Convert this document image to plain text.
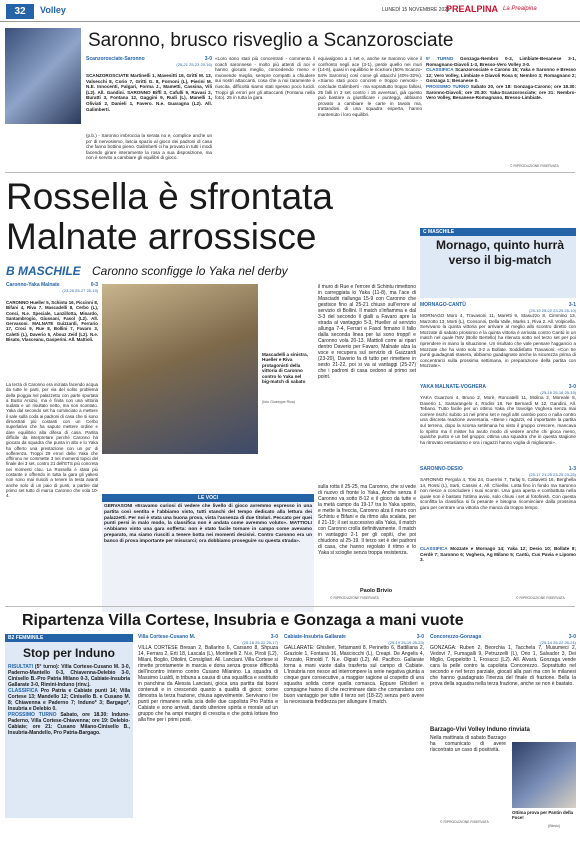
32	Volley	LUNEDÌ 15 NOVEMBRE 2021
PREALPINA La Prealpina
Saronno, brusco risveglio a Scanzorosciate
Scanzorosciate-Saronno	3-0
(25-21 25-23 25-16)
SCANZOROSCIATE Martinelli 1, Mavesitti 16, Gritti M. 13, Valsecchi 8, Corio 7, Gritti G. 8, Fornoni (L), Pierini M. N.E. Innocenti, Falgari, Forma J., Mametti, Cassina, Vili (L2). All. Gandini. SARONNO Biffi 3, Cafulli 9, Ravasi 2, Buratti 3, Fontana 12, Gaggini 9, Rudi (L), Manelli 1, Oliviati 2, Danieli 1, Favero. N.e. Guaragna (L2). All. Galimberti.
(p.b.) - Saronno imbroccia la serata no e, complice anche un po' di nervosismo, lascia spazio al gioco dei padroni di casa che fanno bottino pieno. Galimberti ci ha provato in tutti i modi facendo girare interamente la rosa a sua disposizione, ma non è servito a cambiare gli equilibri di gioco.
«Loro sono stati più concentrati - commenta il coach saronnese - molto più attenti di noi e hanno giocato meglio, concedendo meno e muovendo meglio, sempre compatti a chiudere sui nostri attaccanti, cosa che a noi raramente è riuscita, difficoltà siamo stati spesso poco lucidi. Troppi gli errori per gli attaccanti (Fontana nella foto). 25 in tutta la gara
equivalgono a 1 set e, anche se Saronno vince il confronto negli ace (3-1), perde quello nei muri (14-6), quasi in equilibrio le ricezioni (50% Scanzo-54% Saronno) così come gli attacchi (40%-32%). «Siamo stati poco concreti e troppo nervosi» - conclude Galimberti - ma soprattutto troppo fallosi, 25 falli in 3 set contro i 15 avversari, già questo può bastare a giustificare i punteggi, abbiamo provato a cambiare le carte in tavola ma, trattandosi di una squadra esperta, hanno mantenuto i loro equilibri.
5° TURNO Gonzaga-Nembro 0-3, Limbiate-Besanese 3-1, Romagnano-Diavoli 1-3, Bresso-Vero Volley 3-0.
CLASSIFICA Scanzorosciate e Carono 15; Yaka e Saronno e Bresso 12; Vero Volley, Limbiate e Diavoli Rosa 6; Nembro 3; Romagnano 2; Gonzaga 1; Besanese 0.
PROSSIMO TURNO Sabato 20, ore 18: Gonzaga-Carono; ore 18.30: Saronno-Diavoli; ore 20.30: Yaka-Scanzorosciate; ore 21: Nembro-Vero Volley, Besanese-Romagnano, Bresso-Limbiate.
© RIPRODUZIONE RISERVATA
Rossella è sfrontata
Malnate arrossisce
B MASCHILE Caronno sconfigge lo Yaka nel derby
Caronno-Yaka Malnate	0-3
(23-25 25-27 25-19)
CARONNO Hueller 5, Schintu 16, Piccinni 8, Bifani 4, Riva 7, Mascadelli 8, Cerbo (L), Conci, N.e. Speciale, Lanzillotta, Minardo, Santambrogio, Giussani, Fasol (L2). All. Gervasoni. MALNATE Guizzardi, Ferrario 17, Croci 9, Rue 8, Bollini 7, Favaro 3, Caletti (L), Daverio 5, Abouz Zeid (L2). N.e. Bisato, Vlasceanu, Gasperini. All. Mattioli.
La terza di Caronno era iniziata facendo acqua da tutte le parti, per via del solito problema della pioggia nel palazzetto con parte sportata a Busto Arsizio, ma è finita con una vittoria sudata e un risultato netto, ma non scontato. Yaka dal secondo set ha cominciato a mettere il sale sulla coda ai padroni di casa che si sono dimostrati più costanti con un Cerbo superlativo che ha saputo mettere ordine e dare equilibrio alla difesa di casa. Partita difficile da interpretare perché Caronno ha giocato da squadra che punta in alto e lo Yaka ha offerto una prestazione con un po' di sofferenza. Troppi 29 errori delle Yaka che offrirono ne commette 3 nei momenti topici del finale dei 3 set, contro 21 dell'ETS più concreta nei momenti clou. La Rossella è stata più costante e offrendo in tutta la gara gli yakesi non sono mai riusciti a tenere la testa avanti anche solo di un paio di punti, a partire dal primo set tutto di marca Caronno che vola 10-4.
Mascadelli a sinistra, Hueller e Riva protagonisti della vittoria di Caronno contro lo Yaka nel big-match di sabato
(foto Giuseppe Riva)
il muro di Rue e l'errore di Schintu rimettono in carreggiata lo Yaka (11-8), ma l'ace di Masciadri riallunga 15-9 con Caronno che gestisce fino al 25-21 chiuso sull'errore al servizio di Bollini. Il match s'infiamma e dal 3-3 del secondo il gialli a Favaro apre la strada al vantaggio 5-3, Hueller al servizio allunga 7-4, Ferrari e Fasol firmano il fallo dalla seconda linea per lui sono troppi! e Caronno vola 20-13. Mattioli corre ai ripari dentro Daverio per Favaro, Malnate alza la voce e recupera sul servizio di Guizzardi (23-20), Daverio fa di tutto per rimettere in sesto 21-22, poi si va ai vantaggi (25-27) che i padroni di casa cedono al primo set point.
sulla rotta il 25-25, ma Caronno, che si vede di nuovo di fronte lo Yaka, Anche senza il Caronno va sotto 8-12 e il gioco da tutte e la metà campo da 19-17 tra lo Yaka spinto, e mette la freccia, Caronno alza il muro con Schintu e Bifani e da ritmo alla scalata, per il 21-19; il set successivo alla Yaka, il match con Caronno crolla definitivamente. Il match in vantaggio 2-1 per gli ospiti, che poi chiudono al 25-19. Il terzo set è dei padroni di casa, che hanno regolato il ritmo e lo Yaka si scioglie senza troppa resistenza.
Paolo Brivio
© RIPRODUZIONE RISERVATA
LE VOCI
GERVASONI «Eravamo curiosi di vedere che livello di gioco avremmo espresso in una partita così sentita e l'abbiamo visto, tutti stanchi del tempo dedicato alla lettura dei palazzetti. Per noi è stata una buona prova, vista l'assenza di due titolari. Peccato per quei punti persi in malo modo, la classifica non è andata come avremmo voluto». MATTIOLI «Abbiamo vinto una gara sofferta: non è stato facile tornare in campo come avevamo preparato, ma siamo riusciti a tenere botta nei momenti decisivi. Contro Caronno era un banco di prova importante per misurarci; ora dobbiamo proseguire su questa strada».
C MASCHILE
Mornago, quinto hurrà verso il big-match
MORNAGO-CANTÙ	3-1
(25-19 25-22 23-25 25-10)
MORNAGO Moro 4, Travasoni 11, Maretti 9, Stasuzzo 8, Cimmino 13, Marzotto 13, Morti (L), Consonni, Della Valle, Marks 1, Riva 2. All. Volpicella. Servivano la quinta vittoria per arrivare al meglio allo scontro diretto con Mozzate di sabato prossimo e la quinta vittoria è arrivata contro Cantù in un match nel quale l'MV (Bollo Bertello) ha ritenuto sotto nel terzo set per poi riprendere in mano la situazione. Un risultato che vale pensare l'aggancio a Mozzate che ha vinto solo 3-2 a Bollate. Soddisfatto Travasoni: «Con tre punti guadagnati stasera, abbiamo guadagnato anche la sicurezza prima di concentrarci sulla prossima settimana, in preparazione della partita con Mozzate».
YAKA MALNATE-VOGHERA	3-0
(25-16 25-18 25-15)
YAKA Guarzoni 4, Bruno 2, Morè, Roncatelli 11, Molina 2, Moreale 8, Daverio 1, Santarangelo 4, Rodini 18. Ne Bernardi M 12, Gandini. All. Tebano. Tutto facile per un ottimo Yaka che travolge Voghera senza mai correre rischi: subito 14 nel primo set e negli altri cambio poco o nulla contro una discreta reazione avversaria. «Bene i ragazzi, ed importante la partita sul terreno, dopo la scorsa settimana ho visto il gruppo crescere, mancava lo spirito ma il mister ha avuto modo di vedere anche chi gioca meno, qualche punto e un bel gruppo: ottima una squadra che in questa stagione ha ritrovato entusiasmo e ora i ragazzi hanno voglia di migliorarsi».
SARONNO-DESIO	1-3
(25-17 21-25 23-25 23-25)
SARONNO Pergola 4, Tosi 24, Guerrini 7, Tarlaj 5, Caltavetti 16, Berghella 14, Rossi (L), Sarti, Cassini 4. All. Chiellini. Lotta fino in fondo ma Saronno non riesce a concludere i suoi scontri. Una gara aperta e combattuta nella quale non è bastato l'ottimo avvio, solo chiusi i set al fotofinish. Con questa sconfitta la classifica si fa pesante e bisogna ricominciare dalla prossima gara per centrare una vittoria che manca da troppo tempo.
CLASSIFICA Mozzate e Mornago 14; Yaka 12; Desio 10; Bollate 8; Cerdè 7; Saronno 6; Voghera, Ag Milano 5; Cantù, Cus Pavia e Lipomo 3.
© RIPRODUZIONE RISERVATA
Ripartenza Villa Cortese, Insubria e Gonzaga a mani vuote
B2 FEMMINILE
Stop per Induno
RISULTATI (5° turno): Villa Cortese-Cusano M. 3-0, Paderno-Mantello 0-3, Chiavenna-Delebio 3-0, Cinisello B.-Pro Patria Milano 0-3, Cabiate-Insubria Gallarate 3-0, Rimini-Induno (rinv.).
CLASSIFICA Pro Patria e Cabiate punti 14; Villa Cortese 13; Mandello 12; Cinisello B. e Cusano M. 8; Chiavenna e Paderno 7; Induno* 3; Bargago*, Insubria e Delebio 0.
PROSSIMO TURNO Sabato, ore 18.30: Induno-Paderno, Villa Cortese-Chiavenna; ore 19: Delebio-Cabiate; ore 21: Cusano Milano-Cinisello B., Insubria-Mandello, Pro Patria-Bargago.
Villa Cortese-Cusano M.	3-0
(25-18 25-22 25-17)
VILLA CORTESE Bresan 2, Ballarino 6, Carsano 8, Shpuza 14, Ferrara 2, Erti 18, Lascala (L), Montinelli 2. N.e. Piroli (L2), Milani, Boglio, Ottolini, Consigliari. All. Lanciani. Villa Cortese si rimette prontamente in marcia e dona senza grosse difficoltà dell'incontro interno contro Cusano Milanino. La squadra di Massimo Lualdi, in tribuna a causa di una squalifica e sostituito in panchina da Alessia Lanciani, gioca una partita dai buoni contenuti e in crescendo quanto a qualità di gioco; come dimostra la terza frazione, chiusa agevolmente. Servivano i tre punti per rimanere nella scia delle due capolista Pro Patria e Cabiate e sono arrivati, dando ulteriore spinta e morale ad un gruppo che ha ampi margini di crescita e che potrà lottare fino alla fine per i primi posti.
Cabiate-Insubria Gallarate	3-0
(25-19 25-19 25-23)
GALLARATE: Ghislieri, Tettamanti 8, Perinetto 6, Battiliana 2, Graziole 1, Fontana 16, Masciocchi (L), Creapi. De Angelis 4, Pozzato, Rimoldi 7. N.e. Olgiati (L2). All. Pacifico. Gallarate torna a mani vuote dalla trasferta sul campo di Cabiate. L'Insubria non riesce ad interrompere la serie negativa giunta a cinque gare consecutive, a maggior ragione al cospetto di una squadra solida come quella comasca. Eppure Ghislieri e compagne hanno di che recriminare dato che comandano con buon vantaggio per tutte il terzo set (18-22) senza però avere la necessaria freddezza per allungare il match.
Concorezzo-Gonzaga	3-0
(25-14 25-22 25-21)
GONZAGA: Ruben 2, Beorchia 1, Tacchela 7, Musumeci 2, Vedovi 7, Fumagalli 9, Petruzzelli (L), Orio 1, Salvador 3, Dei Miglio, Ceppelotto 1, Frosucci (L2). All. Alvarà. Gonzaga vende cara la pelle contro la capolista Concorezzo. Soprattutto nel secondo e nel terzo parziale, giocati alla pari ma con le milanesi che hanno guadagnato l'inerzia del finale di frazione. Bella la prova della squadra nella terza frazione, anche se non è bastato.
Barzago-Vivi Volley Induno rinviata
Nella mattinata di sabato Barzago ha comunicato di avere riscontrato un caso di positività.
Ottima prova per Pantin della Foce!
(Blesio)
© RIPRODUZIONE RISERVATA
